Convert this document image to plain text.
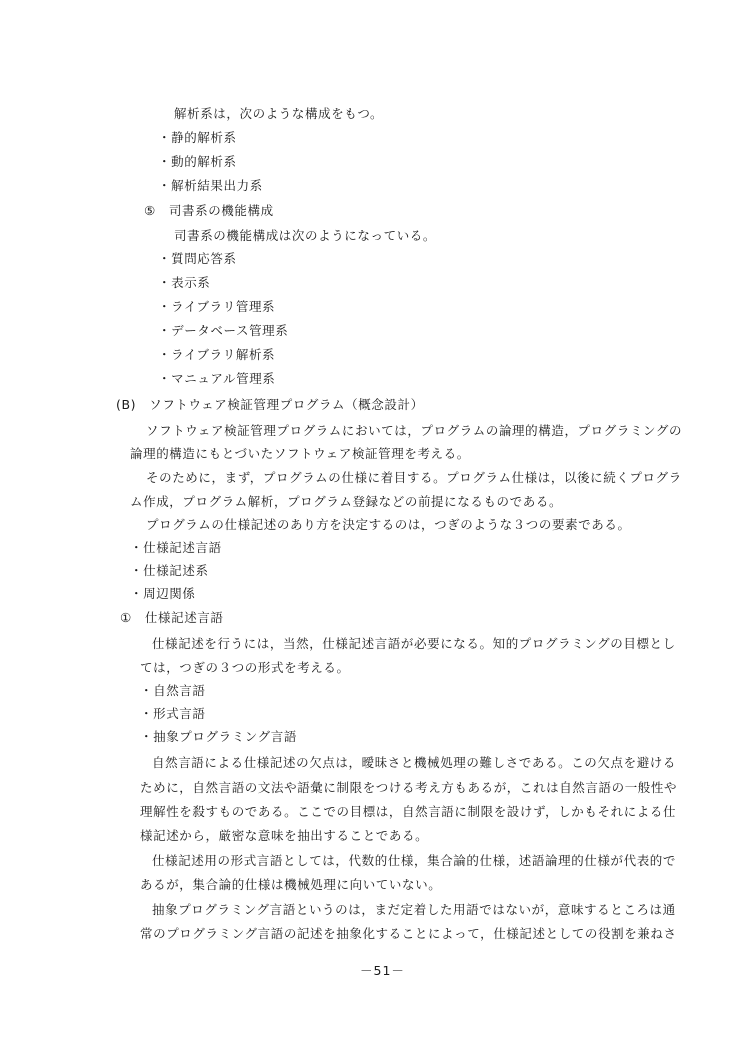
解析系は，次のような構成をもつ。
・静的解析系
・動的解析系
・解析結果出力系
⑤　司書系の機能構成
司書系の機能構成は次のようになっている。
・質問応答系
・表示系
・ライブラリ管理系
・データベース管理系
・ライブラリ解析系
・マニュアル管理系
(B)　ソフトウェア検証管理プログラム（概念設計）
ソフトウェア検証管理プログラムにおいては，プログラムの論理的構造，プログラミングの
論理的構造にもとづいたソフトウェア検証管理を考える。
そのために，まず，プログラムの仕様に着目する。プログラム仕様は，以後に続くプログラ
ム作成，プログラム解析，プログラム登録などの前提になるものである。
プログラムの仕様記述のあり方を決定するのは，つぎのような３つの要素である。
・仕様記述言語
・仕様記述系
・周辺関係
①　仕様記述言語
仕様記述を行うには，当然，仕様記述言語が必要になる。知的プログラミングの目標とし
ては，つぎの３つの形式を考える。
・自然言語
・形式言語
・抽象プログラミング言語
自然言語による仕様記述の欠点は，曖昧さと機械処理の難しさである。この欠点を避ける
ために，自然言語の文法や語彙に制限をつける考え方もあるが，これは自然言語の一般性や
理解性を殺すものである。ここでの目標は，自然言語に制限を設けず，しかもそれによる仕
様記述から，厳密な意味を抽出することである。
仕様記述用の形式言語としては，代数的仕様，集合論的仕様，述語論理的仕様が代表的で
あるが，集合論的仕様は機械処理に向いていない。
抽象プログラミング言語というのは，まだ定着した用語ではないが，意味するところは通
常のプログラミング言語の記述を抽象化することによって，仕様記述としての役割を兼ねさ
－51－
